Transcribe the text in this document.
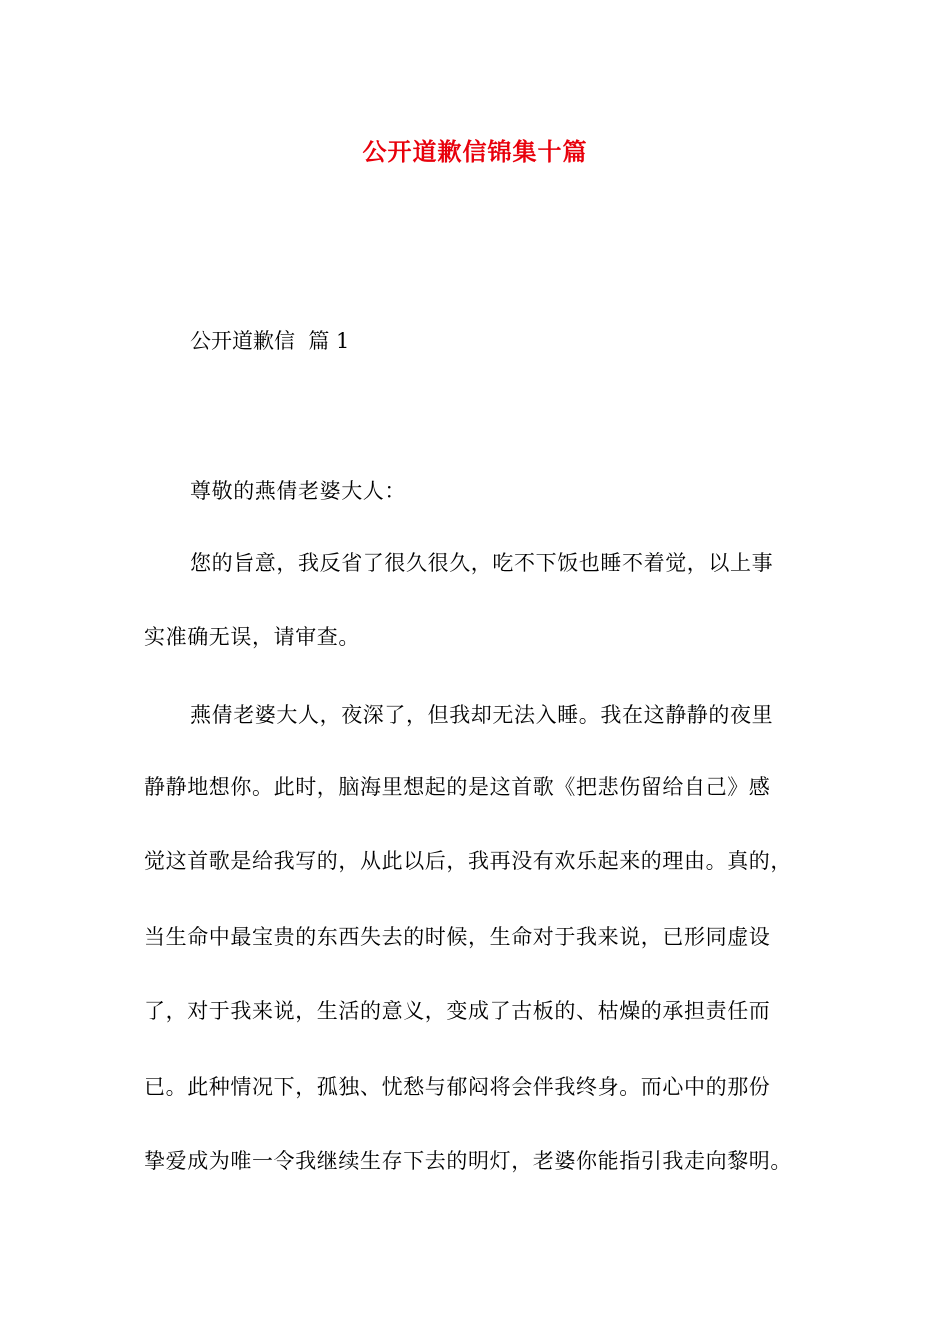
公开道歉信锦集十篇
公开道歉信  篇 1
尊敬的燕倩老婆大人：
您的旨意，我反省了很久很久，吃不下饭也睡不着觉，以上事
实准确无误，请审查。
燕倩老婆大人，夜深了，但我却无法入睡。我在这静静的夜里
静静地想你。此时，脑海里想起的是这首歌《把悲伤留给自己》感
觉这首歌是给我写的，从此以后，我再没有欢乐起来的理由。真的，
当生命中最宝贵的东西失去的时候，生命对于我来说，已形同虚设
了，对于我来说，生活的意义，变成了古板的、枯燥的承担责任而
已。此种情况下，孤独、忧愁与郁闷将会伴我终身。而心中的那份
挚爱成为唯一令我继续生存下去的明灯，老婆你能指引我走向黎明。
